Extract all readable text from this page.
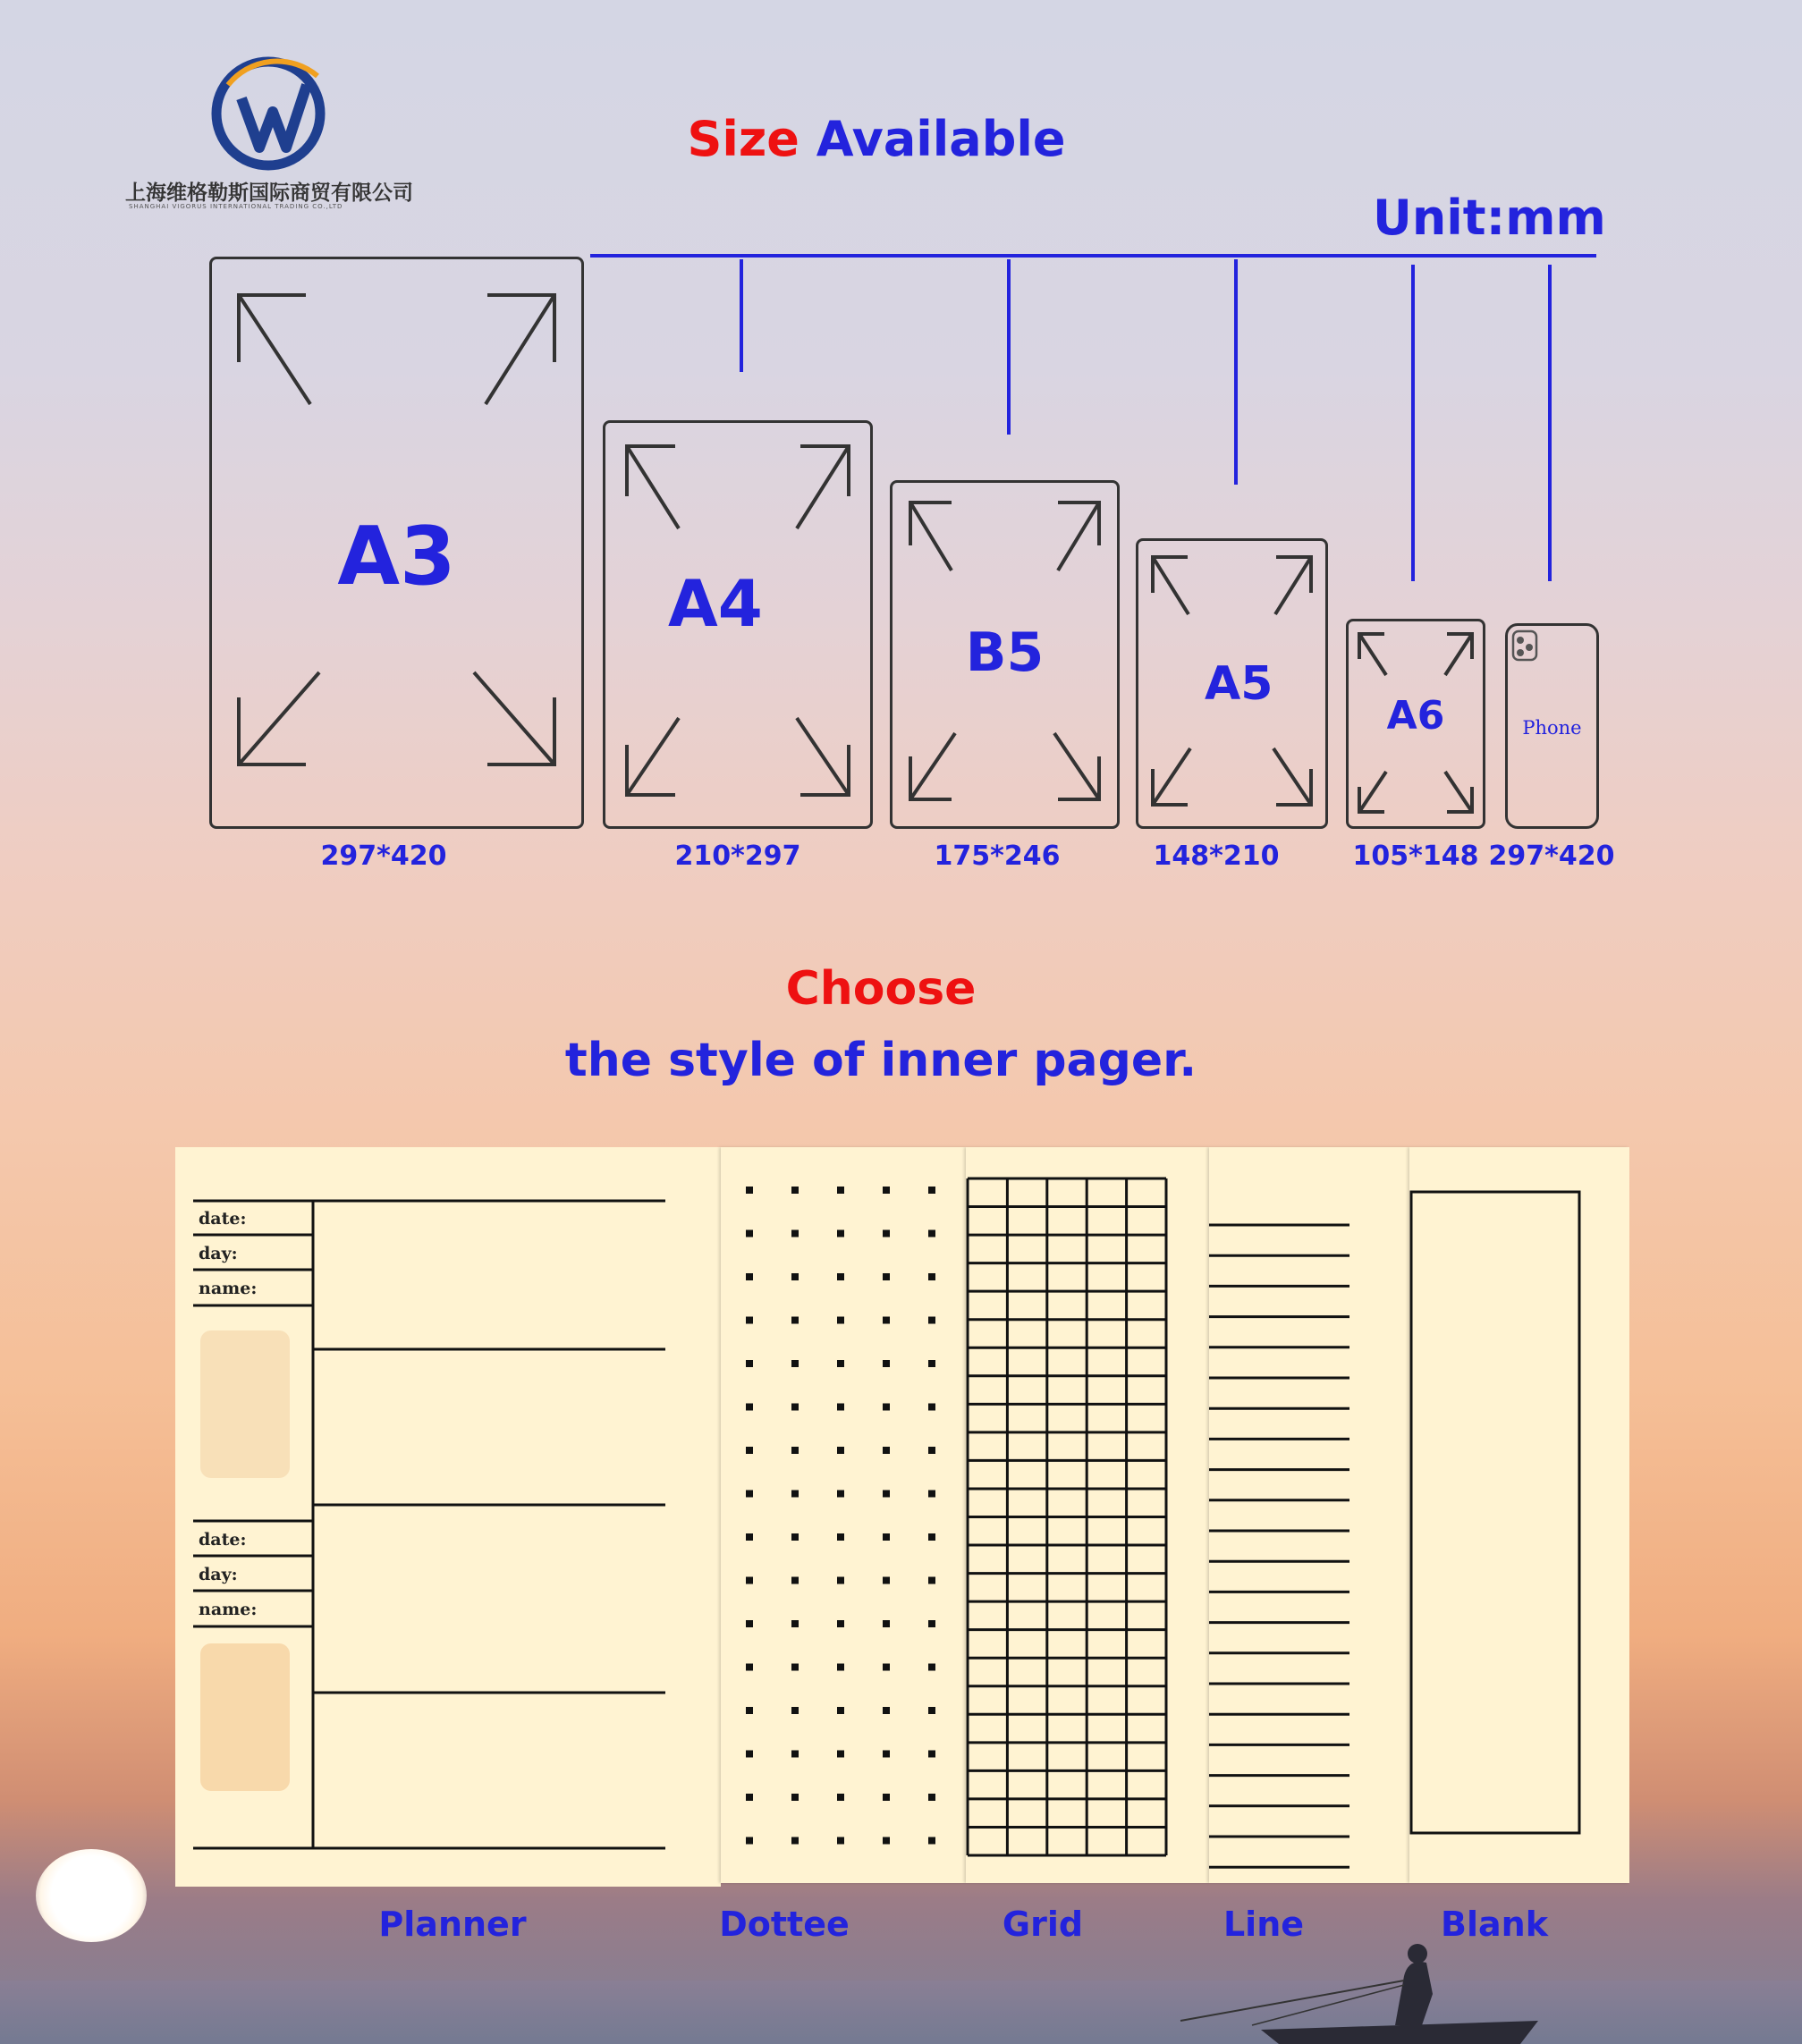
W
上海维格勒斯国际商贸有限公司
SHANGHAI VIGORUS INTERNATIONAL TRADING CO.,LTD
Size Available
Unit:mm
A3
297*420
A4
210*297
B5
175*246
A5
148*210
A6
105*148
Phone
297*420
Choose
the style of inner pager.
date:
day:
name:
date:
day:
name:
Planner	Dottee	Grid	Line	Blank
